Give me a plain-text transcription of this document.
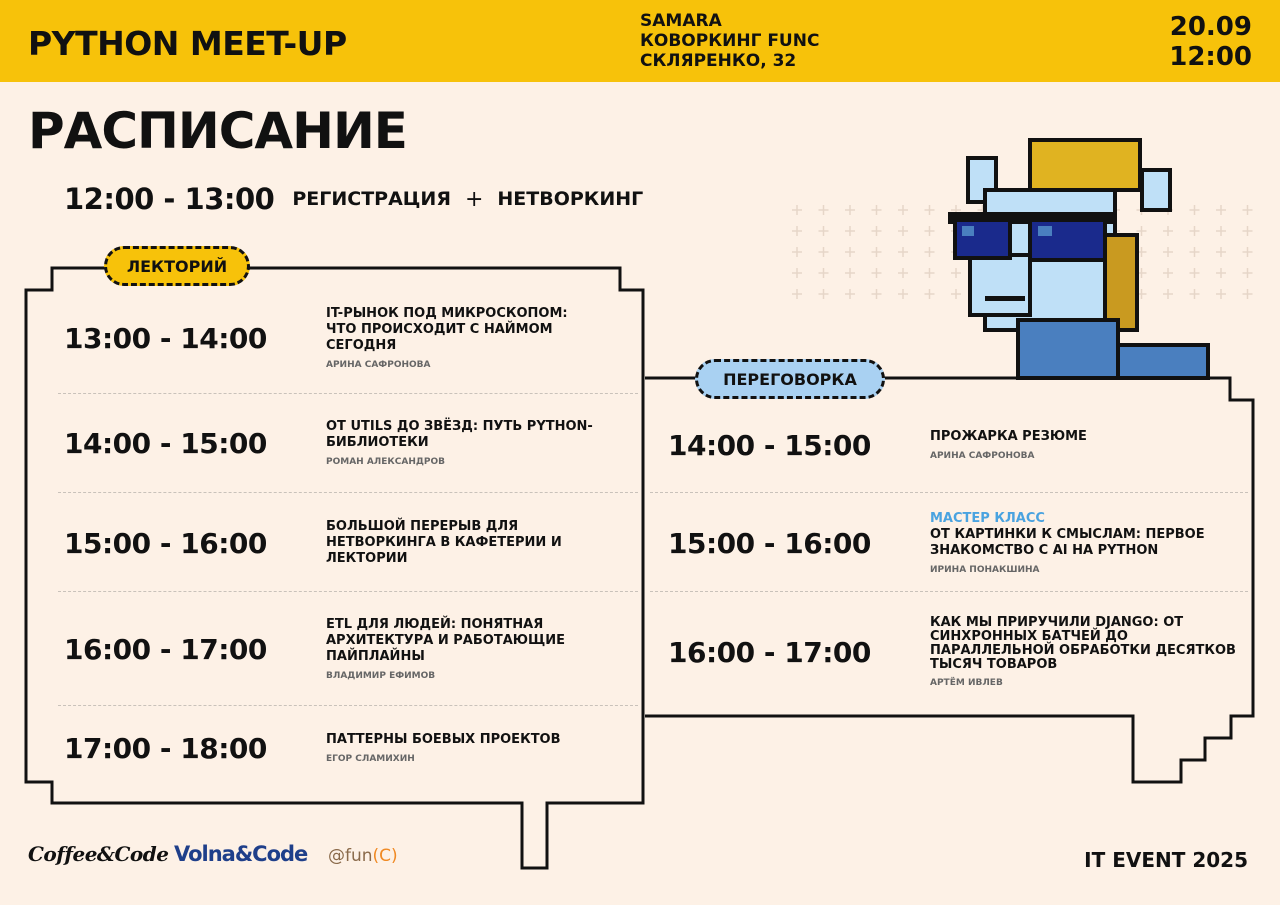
PYTHON MEET-UP
SAMARA
КОВОРКИНГ FUNC
СКЛЯРЕНКО, 32
20.09
12:00
РАСПИСАНИЕ
12:00 - 13:00 РЕГИСТРАЦИЯ + НЕТВОРКИНГ
ЛЕКТОРИЙ
ПЕРЕГОВОРКА
13:00 - 14:00
IT-РЫНОК ПОД МИКРОСКОПОМ: ЧТО ПРОИСХОДИТ С НАЙМОМ СЕГОДНЯ
АРИНА САФРОНОВА
14:00 - 15:00	ОТ UTILS ДО ЗВЁЗД: ПУТЬ PYTHON-БИБЛИОТЕКИ
РОМАН АЛЕКСАНДРОВ
15:00 - 16:00	БОЛЬШОЙ ПЕРЕРЫВ ДЛЯ НЕТВОРКИНГА В КАФЕТЕРИИ И ЛЕКТОРИИ
16:00 - 17:00
ETL ДЛЯ ЛЮДЕЙ: ПОНЯТНАЯ АРХИТЕКТУРА И РАБОТАЮЩИЕ ПАЙПЛАЙНЫ
ВЛАДИМИР ЕФИМОВ
17:00 - 18:00	ПАТТЕРНЫ БОЕВЫХ ПРОЕКТОВ
ЕГОР СЛАМИХИН
14:00 - 15:00	ПРОЖАРКА РЕЗЮМЕ
АРИНА САФРОНОВА
15:00 - 16:00
МАСТЕР КЛАСС
ОТ КАРТИНКИ К СМЫСЛАМ: ПЕРВОЕ ЗНАКОМСТВО С AI НА PYTHON
ИРИНА ПОНАКШИНА
16:00 - 17:00
КАК МЫ ПРИРУЧИЛИ DJANGO: ОТ СИНХРОННЫХ БАТЧЕЙ ДО ПАРАЛЛЕЛЬНОЙ ОБРАБОТКИ ДЕСЯТКОВ ТЫСЯЧ ТОВАРОВ
АРТЁМ ИВЛЕВ
Coffee&Code Volna&Code @fun(C)	IT EVENT 2025
